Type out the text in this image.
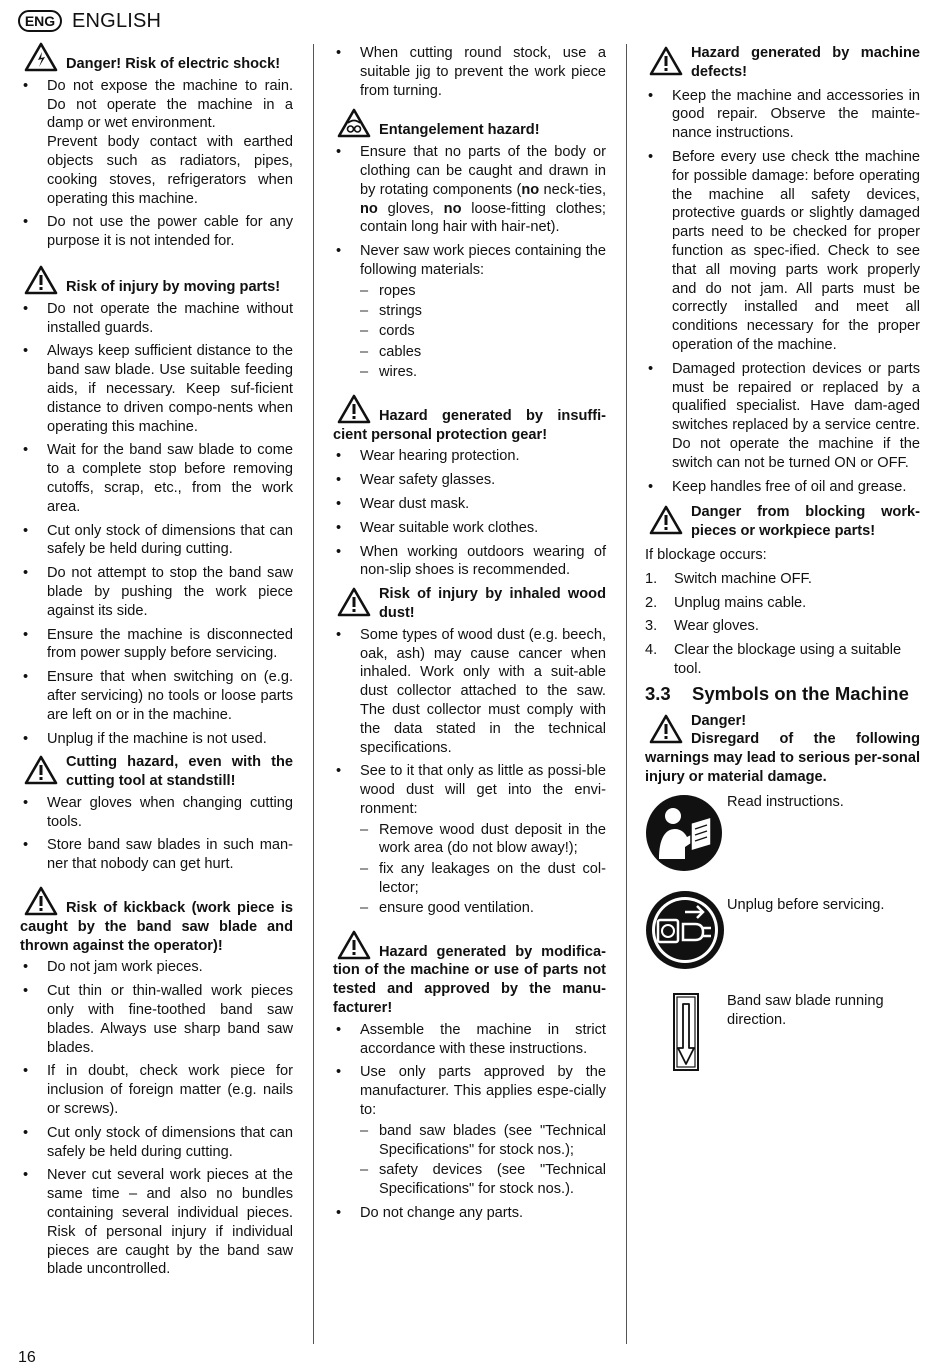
ENG ENGLISH
Danger! Risk of electric shock!
• Do not expose the machine to rain. Do not operate the machine in a damp or wet environment.
Prevent body contact with earthed objects such as radiators, pipes, cooking stoves, refrigerators when operating this machine.
• Do not use the power cable for any purpose it is not intended for.
Risk of injury by moving parts!
• Do not operate the machine without installed guards.
• Always keep sufficient distance to the band saw blade. Use suitable feeding aids, if necessary. Keep suf-ficient distance to driven compo-nents when operating this machine.
• Wait for the band saw blade to come to a complete stop before removing cutoffs, scrap, etc., from the work area.
• Cut only stock of dimensions that can safely be held during cutting.
• Do not attempt to stop the band saw blade by pushing the work piece against its side.
• Ensure the machine is disconnected from power supply before servicing.
• Ensure that when switching on (e.g. after servicing) no tools or loose parts are left on or in the machine.
• Unplug if the machine is not used.
Cutting hazard, even with the cutting tool at standstill!
• Wear gloves when changing cutting tools.
• Store band saw blades in such man-ner that nobody can get hurt.
Risk of kickback (work piece is caught by the band saw blade and thrown against the operator)!
• Do not jam work pieces.
• Cut thin or thin-walled work pieces only with fine-toothed band saw blades. Always use sharp band saw blades.
• If in doubt, check work piece for inclusion of foreign matter (e.g. nails or screws).
• Cut only stock of dimensions that can safely be held during cutting.
• Never cut several work pieces at the same time – and also no bundles containing several individual pieces. Risk of personal injury if individual pieces are caught by the band saw blade uncontrolled.
• When cutting round stock, use a suitable jig to prevent the work piece from turning.
Entangelement hazard!
• Ensure that no parts of the body or clothing can be caught and drawn in by rotating components (no neck-ties, no gloves, no loose-fitting clothes; contain long hair with hair-net).
• Never saw work pieces containing the following materials:
– ropes
– strings
– cords
– cables
– wires.
Hazard generated by insuffi-cient personal protection gear!
• Wear hearing protection.
• Wear safety glasses.
• Wear dust mask.
• Wear suitable work clothes.
• When working outdoors wearing of non-slip shoes is recommended.
Risk of injury by inhaled wood dust!
• Some types of wood dust (e.g. beech, oak, ash) may cause cancer when inhaled. Work only with a suit-able dust collector attached to the saw. The dust collector must comply with the data stated in the technical specifications.
• See to it that only as little as possi-ble wood dust will get into the envi-ronment:
– Remove wood dust deposit in the work area (do not blow away!);
– fix any leakages on the dust col-lector;
– ensure good ventilation.
Hazard generated by modifica-tion of the machine or use of parts not tested and approved by the manu-facturer!
• Assemble the machine in strict accordance with these instructions.
• Use only parts approved by the manufacturer. This applies espe-cially to:
– band saw blades (see "Technical Specifications" for stock nos.);
– safety devices (see "Technical Specifications" for stock nos.).
• Do not change any parts.
Hazard generated by machine defects!
• Keep the machine and accessories in good repair. Observe the mainte-nance instructions.
• Before every use check tthe machine for possible damage: before operating the machine all safety devices, protective guards or slightly damaged parts need to be checked for proper function as spec-ified. Check to see that all moving parts work properly and do not jam. All parts must be correctly installed and meet all conditions necessary for the proper operation of the machine.
• Damaged protection devices or parts must be repaired or replaced by a qualified specialist. Have dam-aged switches replaced by a service centre. Do not operate the machine if the switch can not be turned ON or OFF.
• Keep handles free of oil and grease.
Danger from blocking work-pieces or workpiece parts!

If blockage occurs:

1. Switch machine OFF.
2. Unplug mains cable.
3. Wear gloves.
4. Clear the blockage using a suitable tool.
3.3 Symbols on the Machine
Danger!
Disregard of the following warnings may lead to serious per-sonal injury or material damage.
Read instructions.
Unplug before servicing.
Band saw blade running direction.
16
